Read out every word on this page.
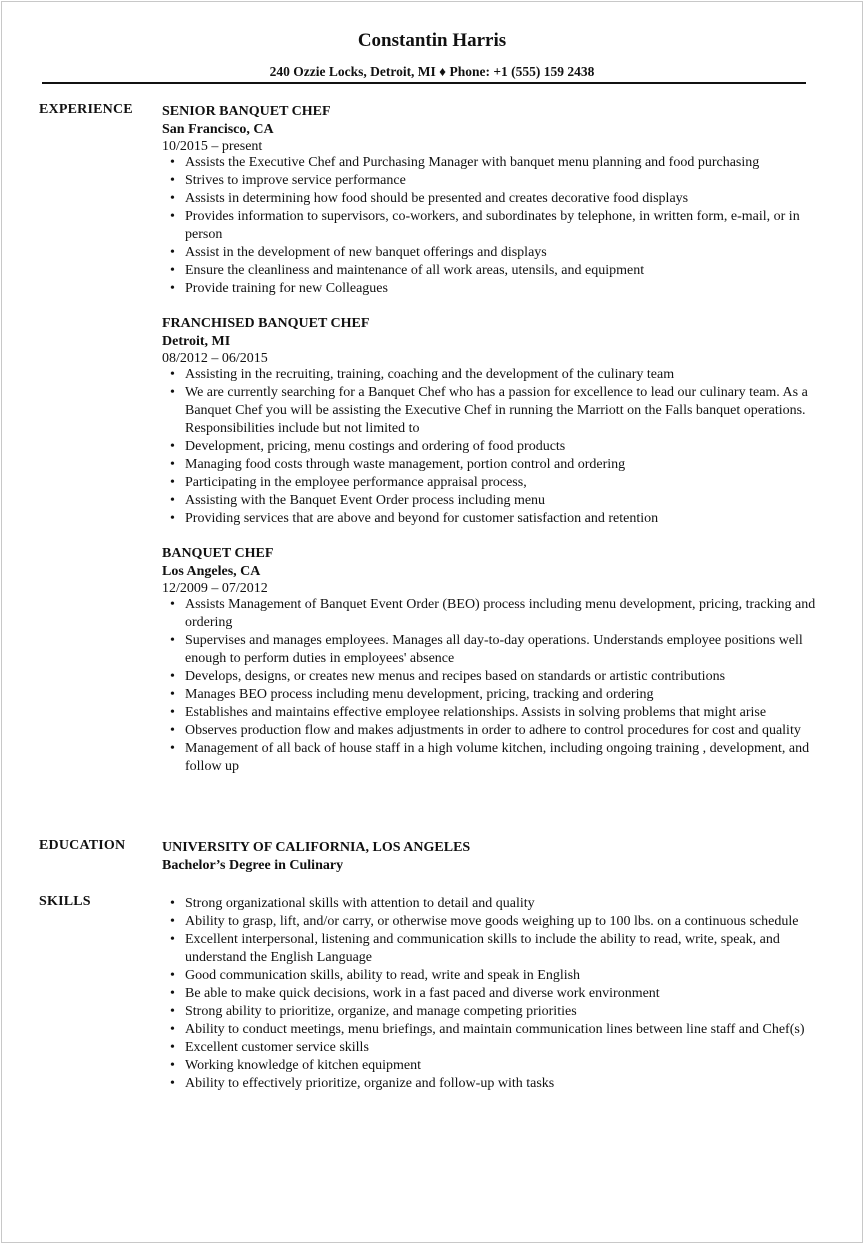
Constantin Harris
240 Ozzie Locks, Detroit, MI ♦ Phone: +1 (555) 159 2438
EXPERIENCE SENIOR BANQUET CHEF
San Francisco, CA
10/2015 – present
• Assists the Executive Chef and Purchasing Manager with banquet menu planning and food purchasing
• Strives to improve service performance
• Assists in determining how food should be presented and creates decorative food displays
• Provides information to supervisors, co-workers, and subordinates by telephone, in written form, e-mail, or in person
• Assist in the development of new banquet offerings and displays
• Ensure the cleanliness and maintenance of all work areas, utensils, and equipment
• Provide training for new Colleagues
FRANCHISED BANQUET CHEF
Detroit, MI
08/2012 – 06/2015
• Assisting in the recruiting, training, coaching and the development of the culinary team
• We are currently searching for a Banquet Chef who has a passion for excellence to lead our culinary team. As a Banquet Chef you will be assisting the Executive Chef in running the Marriott on the Falls banquet operations. Responsibilities include but not limited to
• Development, pricing, menu costings and ordering of food products
• Managing food costs through waste management, portion control and ordering
• Participating in the employee performance appraisal process,
• Assisting with the Banquet Event Order process including menu
• Providing services that are above and beyond for customer satisfaction and retention
BANQUET CHEF
Los Angeles, CA
12/2009 – 07/2012
• Assists Management of Banquet Event Order (BEO) process including menu development, pricing, tracking and ordering
• Supervises and manages employees. Manages all day-to-day operations. Understands employee positions well enough to perform duties in employees' absence
• Develops, designs, or creates new menus and recipes based on standards or artistic contributions
• Manages BEO process including menu development, pricing, tracking and ordering
• Establishes and maintains effective employee relationships. Assists in solving problems that might arise
• Observes production flow and makes adjustments in order to adhere to control procedures for cost and quality
• Management of all back of house staff in a high volume kitchen, including ongoing training , development, and follow up
EDUCATION	UNIVERSITY OF CALIFORNIA, LOS ANGELES
Bachelor’s Degree in Culinary
SKILLS
•	Strong organizational skills with attention to detail and quality
• Ability to grasp, lift, and/or carry, or otherwise move goods weighing up to 100 lbs. on a continuous schedule
• Excellent interpersonal, listening and communication skills to include the ability to read, write, speak, and understand the English Language
• Good communication skills, ability to read, write and speak in English
• Be able to make quick decisions, work in a fast paced and diverse work environment
• Strong ability to prioritize, organize, and manage competing priorities
• Ability to conduct meetings, menu briefings, and maintain communication lines between line staff and Chef(s)
• Excellent customer service skills
• Working knowledge of kitchen equipment
• Ability to effectively prioritize, organize and follow-up with tasks
